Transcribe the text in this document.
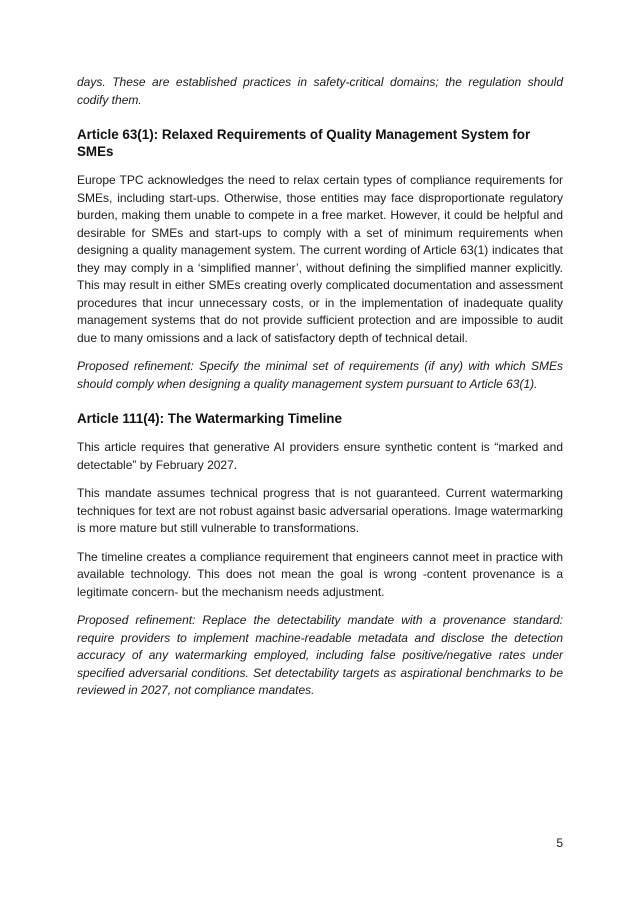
days. These are established practices in safety-critical domains; the regulation should codify them.

Article 63(1): Relaxed Requirements of Quality Management System for SMEs

Europe TPC acknowledges the need to relax certain types of compliance requirements for SMEs, including start-ups. Otherwise, those entities may face disproportionate regulatory burden, making them unable to compete in a free market. However, it could be helpful and desirable for SMEs and start-ups to comply with a set of minimum requirements when designing a quality management system. The current wording of Article 63(1) indicates that they may comply in a ‘simplified manner’, without defining the simplified manner explicitly. This may result in either SMEs creating overly complicated documentation and assessment procedures that incur unnecessary costs, or in the implementation of inadequate quality management systems that do not provide sufficient protection and are impossible to audit due to many omissions and a lack of satisfactory depth of technical detail.

Proposed refinement: Specify the minimal set of requirements (if any) with which SMEs should comply when designing a quality management system pursuant to Article 63(1).

Article 111(4): The Watermarking Timeline

This article requires that generative AI providers ensure synthetic content is “marked and detectable” by February 2027.

This mandate assumes technical progress that is not guaranteed. Current watermarking techniques for text are not robust against basic adversarial operations. Image watermarking is more mature but still vulnerable to transformations.

The timeline creates a compliance requirement that engineers cannot meet in practice with available technology. This does not mean the goal is wrong -content provenance is a legitimate concern- but the mechanism needs adjustment.

Proposed refinement: Replace the detectability mandate with a provenance standard: require providers to implement machine-readable metadata and disclose the detection accuracy of any watermarking employed, including false positive/negative rates under specified adversarial conditions. Set detectability targets as aspirational benchmarks to be reviewed in 2027, not compliance mandates.

5
